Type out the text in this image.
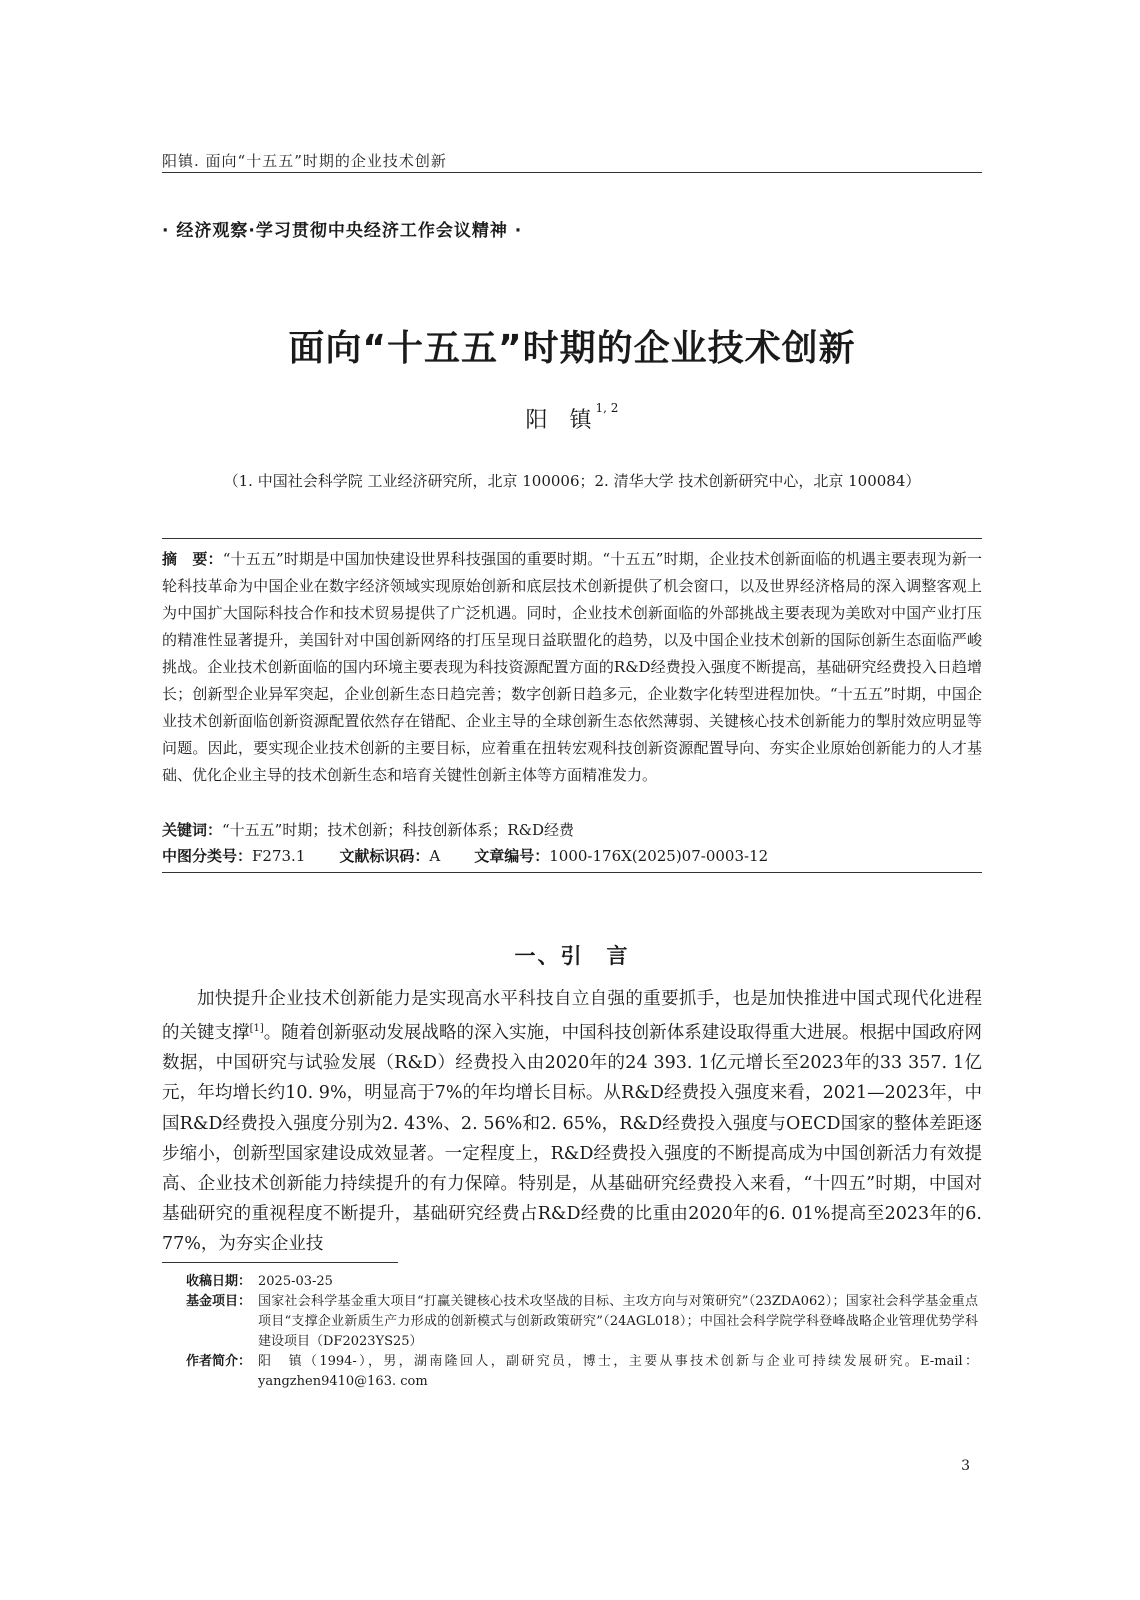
阳镇. 面向“十五五”时期的企业技术创新
· 经济观察·学习贯彻中央经济工作会议精神 ·
面向“十五五”时期的企业技术创新
阳　镇 $^{1, 2}$
（1. 中国社会科学院 工业经济研究所，北京 100006；2. 清华大学 技术创新研究中心，北京 100084）
摘　要：“十五五”时期是中国加快建设世界科技强国的重要时期。“十五五”时期，企业技术创新面临的机遇主要表现为新一轮科技革命为中国企业在数字经济领域实现原始创新和底层技术创新提供了机会窗口，以及世界经济格局的深入调整客观上为中国扩大国际科技合作和技术贸易提供了广泛机遇。同时，企业技术创新面临的外部挑战主要表现为美欧对中国产业打压的精准性显著提升，美国针对中国创新网络的打压呈现日益联盟化的趋势，以及中国企业技术创新的国际创新生态面临严峻挑战。企业技术创新面临的国内环境主要表现为科技资源配置方面的R&D经费投入强度不断提高，基础研究经费投入日趋增长；创新型企业异军突起，企业创新生态日趋完善；数字创新日趋多元，企业数字化转型进程加快。“十五五”时期，中国企业技术创新面临创新资源配置依然存在错配、企业主导的全球创新生态依然薄弱、关键核心技术创新能力的掣肘效应明显等问题。因此，要实现企业技术创新的主要目标，应着重在扭转宏观科技创新资源配置导向、夯实企业原始创新能力的人才基础、优化企业主导的技术创新生态和培育关键性创新主体等方面精准发力。
关键词：“十五五”时期；技术创新；科技创新体系；R&D经费
中图分类号：F273.1 文献标识码：A 文章编号：1000-176X(2025)07-0003-12
一、引　言
加快提升企业技术创新能力是实现高水平科技自立自强的重要抓手，也是加快推进中国式现代化进程的关键支撑[1]。随着创新驱动发展战略的深入实施，中国科技创新体系建设取得重大进展。根据中国政府网数据，中国研究与试验发展（R&D）经费投入由2020年的24 393. 1亿元增长至2023年的33 357. 1亿元，年均增长约10. 9%，明显高于7%的年均增长目标。从R&D经费投入强度来看，2021—2023年，中国R&D经费投入强度分别为2. 43%、2. 56%和2. 65%，R&D经费投入强度与OECD国家的整体差距逐步缩小，创新型国家建设成效显著。一定程度上，R&D经费投入强度的不断提高成为中国创新活力有效提高、企业技术创新能力持续提升的有力保障。特别是，从基础研究经费投入来看，“十四五”时期，中国对基础研究的重视程度不断提升，基础研究经费占R&D经费的比重由2020年的6. 01%提高至2023年的6. 77%，为夯实企业技
收稿日期： 2025-03-25
基金项目： 国家社会科学基金重大项目“打赢关键核心技术攻坚战的目标、主攻方向与对策研究”（23ZDA062）；国家社会科学基金重点项目“支撑企业新质生产力形成的创新模式与创新政策研究”（24AGL018）；中国社会科学院学科登峰战略企业管理优势学科建设项目（DF2023YS25）
作者简介： 阳　镇（1994-），男，湖南隆回人，副研究员，博士，主要从事技术创新与企业可持续发展研究。E-mail：yangzhen9410@163. com
3
